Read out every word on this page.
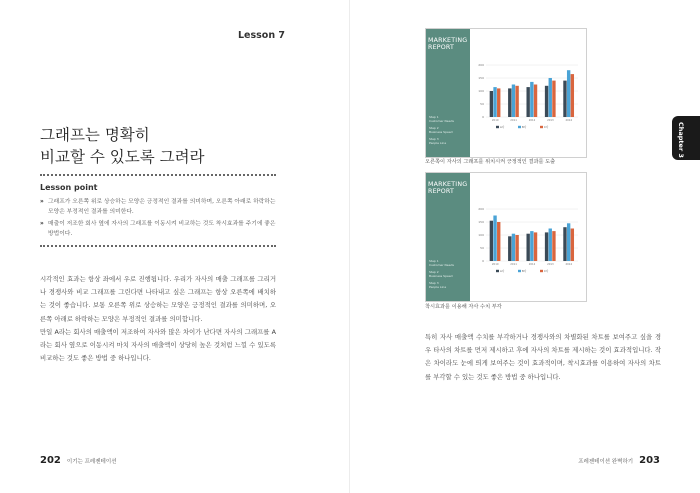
Lesson 7
그래프는 명확히
비교할 수 있도록 그려라
Lesson point
» 그래프가 오른쪽 위로 상승하는 모양은 긍정적인 결과를 의미하며, 오른쪽 아래로 하락하는 모양은 부정적인 결과를 의미한다.
» 매출이 저조한 회사 옆에 자사의 그래프를 이동시켜 비교하는 것도 착시효과를 주기에 좋은 방법이다.

시각적인 효과는 항상 좌에서 우로 진행됩니다. 우리가 자사의 매출 그래프를 그리거나 경쟁사와 비교 그래프를 그린다면 나타내고 싶은 그래프는 항상 오른쪽에 배치하는 것이 좋습니다. 보통 오른쪽 위로 상승하는 모양은 긍정적인 결과를 의미하며, 오른쪽 아래로 하락하는 모양은 부정적인 결과를 의미합니다.

만일 A라는 회사의 매출액이 저조하여 자사와 많은 차이가 난다면 자사의 그래프를 A라는 회사 옆으로 이동시켜 마치 자사의 매출액이 상당히 높은 것처럼 느낄 수 있도록 비교하는 것도 좋은 방법 중 하나입니다.

202 이기는 프레젠테이션
MARKETING
REPORT
Step 1
Customer Needs
Step 2
Business Speed
Step 3
People Line
0
50
100
150
200
2010	2011	2012	2013	2014
A사	B사	C사
오른쪽이 자사의 그래프를 위치시켜 긍정적인 결과를 도출
MARKETING
REPORT
Step 1
Customer Needs
Step 2
Business Speed
Step 3
People Line
0
50
100
150
200
2010	2011	2012	2013	2014
A사	B사	C사
착시효과를 이용해 자사 수치 부각
특히 자사 매출액 수치를 부각하거나 경쟁사와의 차별화된 차트를 보여주고 싶을 경우 타사의 차트를 먼저 제시하고 후에 자사의 차트를 제시하는 것이 효과적입니다. 작은 차이라도 눈에 띄게 보여주는 것이 효과적이며, 착시효과를 이용하여 자사의 차트를 부각할 수 있는 것도 좋은 방법 중 하나입니다.
Chapter 3
프레젠테이션 완벽하기 203
